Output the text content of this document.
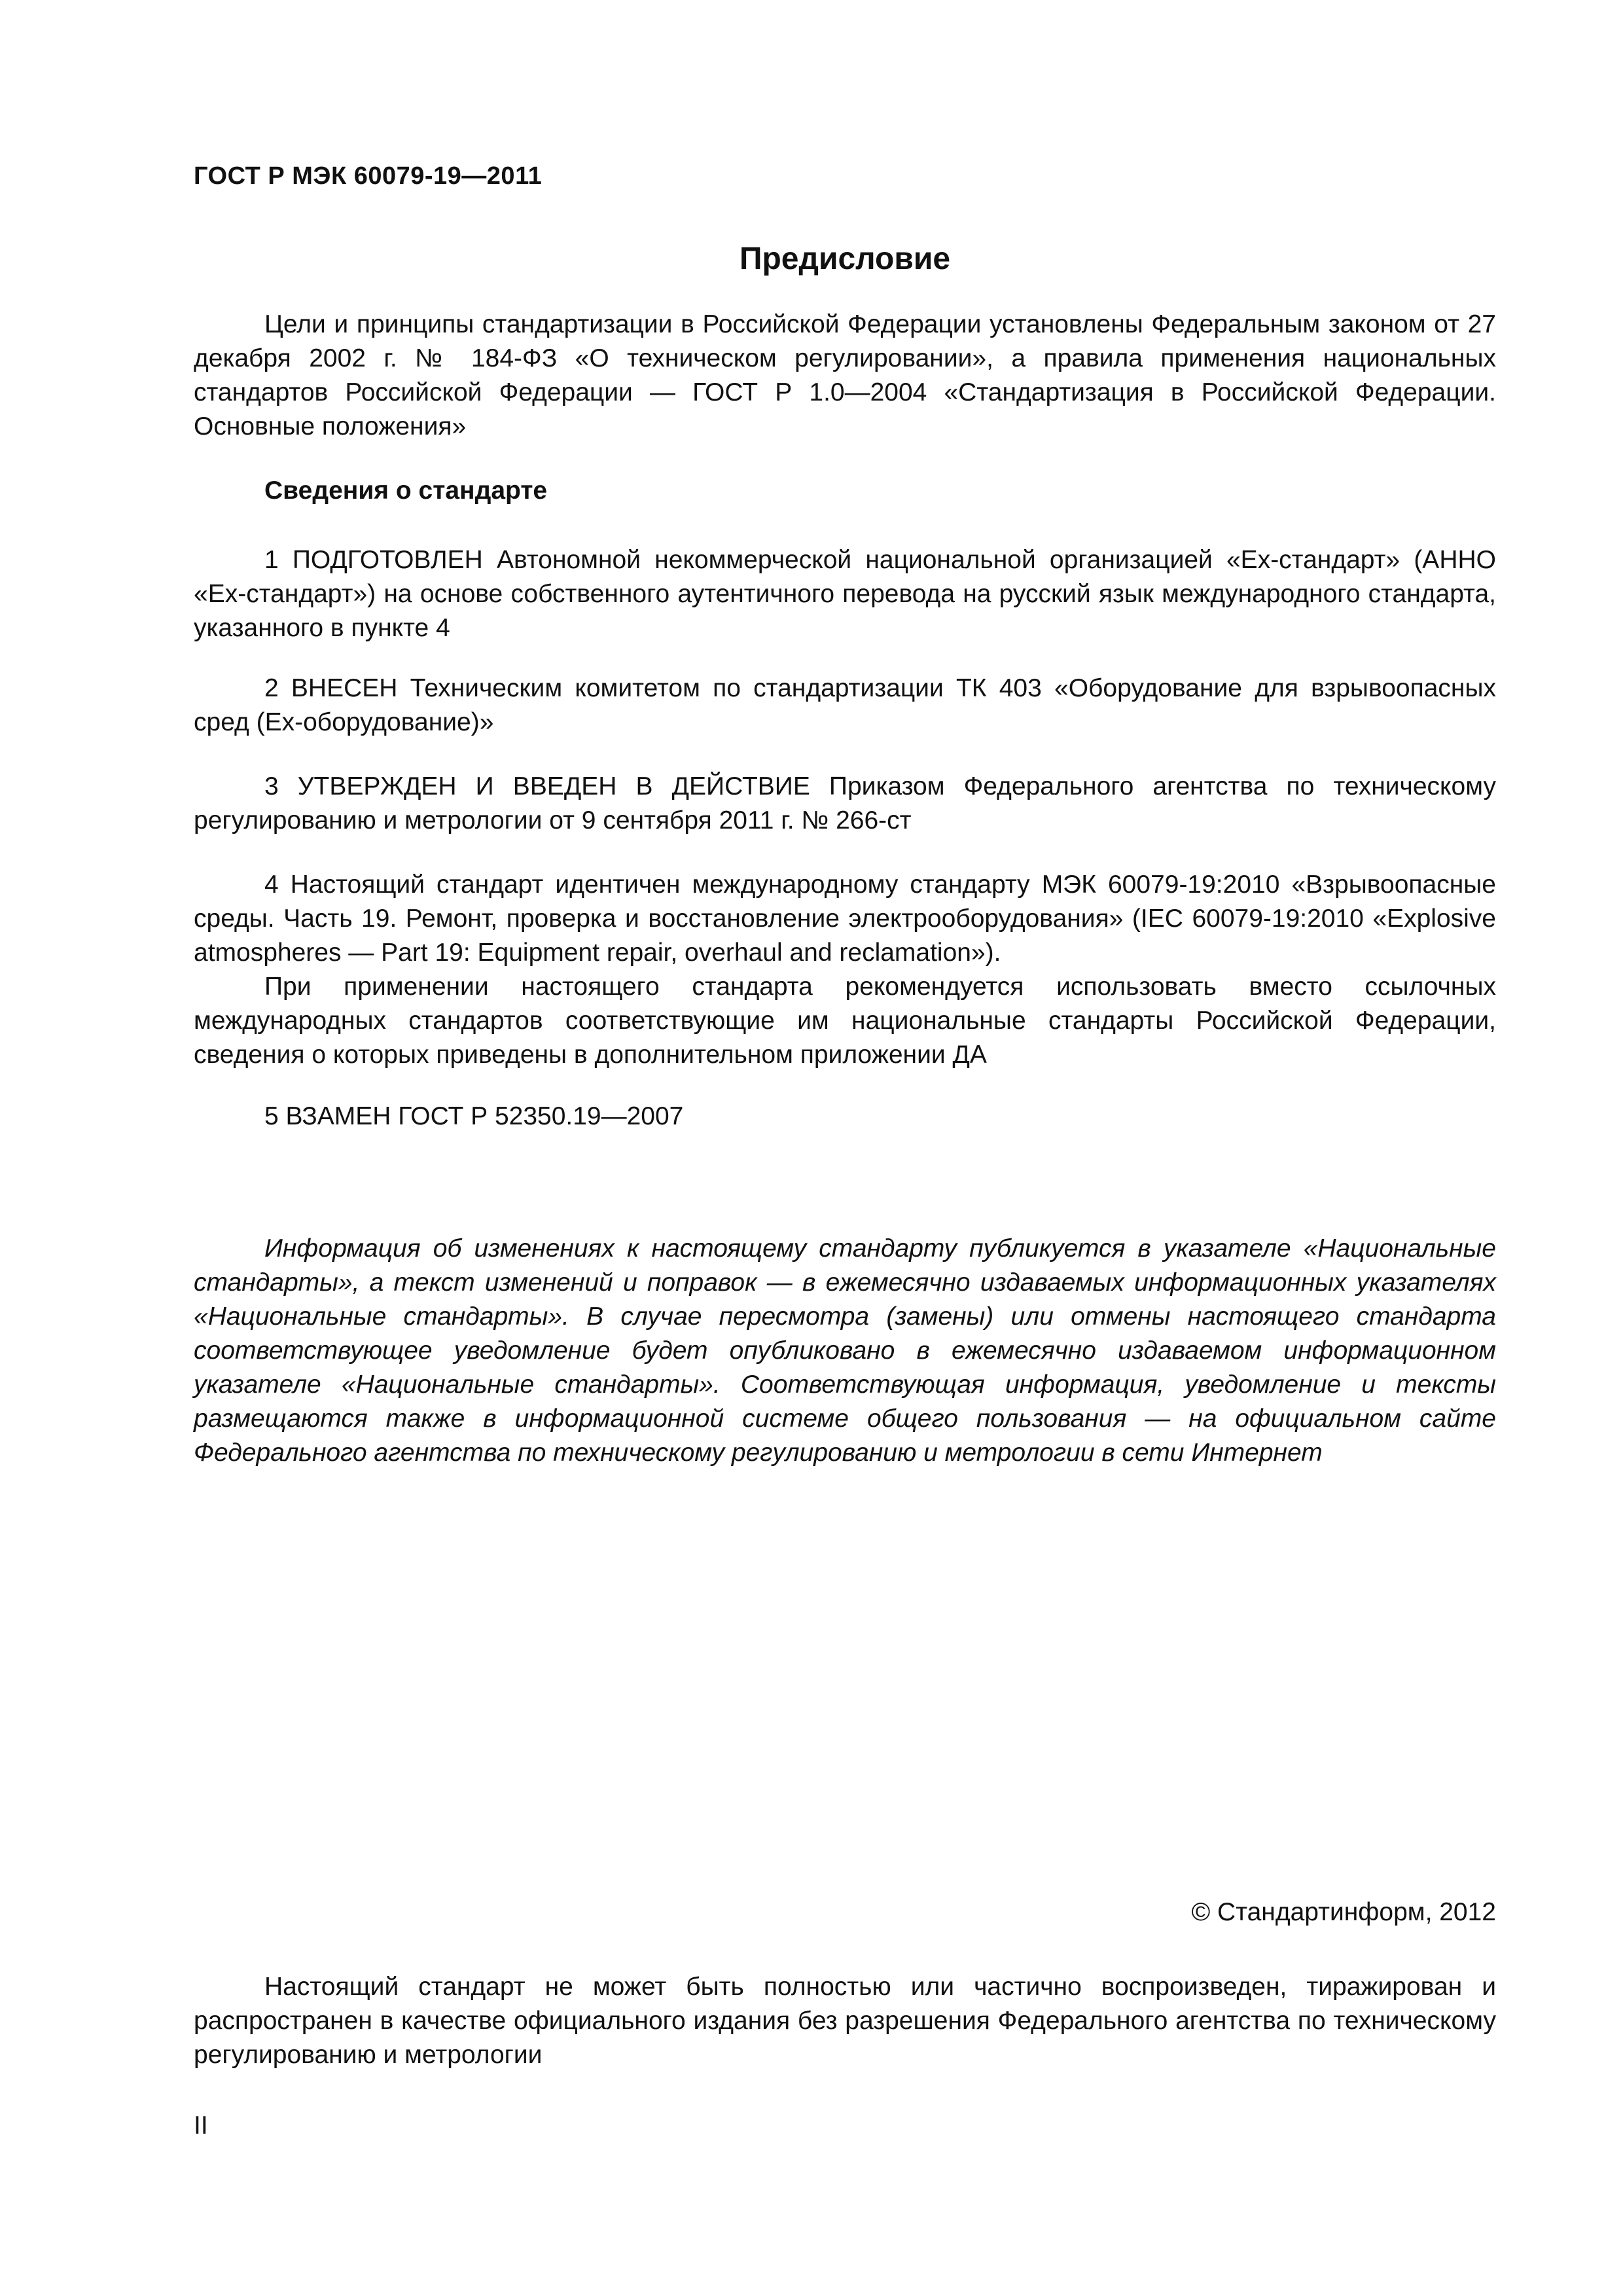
ГОСТ Р МЭК 60079-19—2011
Предисловие

Цели и принципы стандартизации в Российской Федерации установлены Федеральным законом от 27 декабря 2002 г. № 184-ФЗ «О техническом регулировании», а правила применения национальных стандартов Российской Федерации — ГОСТ Р 1.0—2004 «Стандартизация в Российской Федерации. Основные положения»

Сведения о стандарте

1 ПОДГОТОВЛЕН Автономной некоммерческой национальной организацией «Ех-стандарт» (АННО «Ех-стандарт») на основе собственного аутентичного перевода на русский язык международного стандарта, указанного в пункте 4

2 ВНЕСЕН Техническим комитетом по стандартизации ТК 403 «Оборудование для взрывоопасных сред (Ех-оборудование)»

3 УТВЕРЖДЕН И ВВЕДЕН В ДЕЙСТВИЕ Приказом Федерального агентства по техническому регулированию и метрологии от 9 сентября 2011 г. № 266-ст

4 Настоящий стандарт идентичен международному стандарту МЭК 60079-19:2010 «Взрывоопасные среды. Часть 19. Ремонт, проверка и восстановление электрооборудования» (IEC 60079-19:2010 «Explosive atmospheres — Part 19: Equipment repair, overhaul and reclamation»).

При применении настоящего стандарта рекомендуется использовать вместо ссылочных международных стандартов соответствующие им национальные стандарты Российской Федерации, сведения о которых приведены в дополнительном приложении ДА

5 ВЗАМЕН ГОСТ Р 52350.19—2007

Информация об изменениях к настоящему стандарту публикуется в указателе «Национальные стандарты», а текст изменений и поправок — в ежемесячно издаваемых информационных указателях «Национальные стандарты». В случае пересмотра (замены) или отмены настоящего стандарта соответствующее уведомление будет опубликовано в ежемесячно издаваемом информационном указателе «Национальные стандарты». Соответствующая информация, уведомление и тексты размещаются также в информационной системе общего пользования — на официальном сайте Федерального агентства по техническому регулированию и метрологии в сети Интернет

© Стандартинформ, 2012

Настоящий стандарт не может быть полностью или частично воспроизведен, тиражирован и распространен в качестве официального издания без разрешения Федерального агентства по техническому регулированию и метрологии

II
